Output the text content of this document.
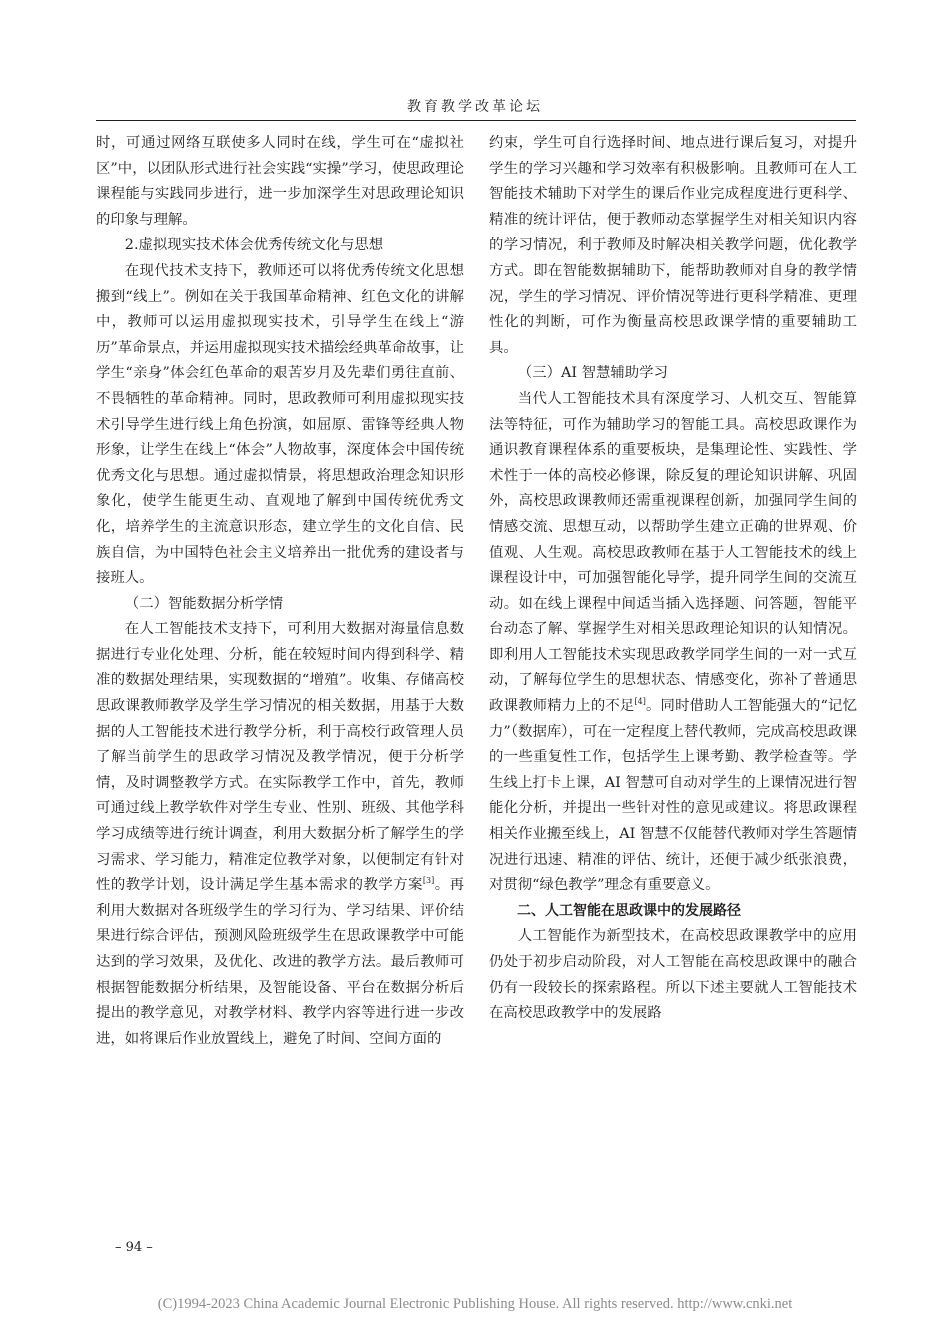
教育教学改革论坛

时，可通过网络互联使多人同时在线，学生可在“虚拟社区”中，以团队形式进行社会实践“实操”学习，使思政理论课程能与实践同步进行，进一步加深学生对思政理论知识的印象与理解。

2.虚拟现实技术体会优秀传统文化与思想

在现代技术支持下，教师还可以将优秀传统文化思想搬到“线上”。例如在关于我国革命精神、红色文化的讲解中，教师可以运用虚拟现实技术，引导学生在线上“游历”革命景点，并运用虚拟现实技术描绘经典革命故事，让学生“亲身”体会红色革命的艰苦岁月及先辈们勇往直前、不畏牺牲的革命精神。同时，思政教师可利用虚拟现实技术引导学生进行线上角色扮演，如屈原、雷锋等经典人物形象，让学生在线上“体会”人物故事，深度体会中国传统优秀文化与思想。通过虚拟情景，将思想政治理念知识形象化，使学生能更生动、直观地了解到中国传统优秀文化，培养学生的主流意识形态，建立学生的文化自信、民族自信，为中国特色社会主义培养出一批优秀的建设者与接班人。

（二）智能数据分析学情

在人工智能技术支持下，可利用大数据对海量信息数据进行专业化处理、分析，能在较短时间内得到科学、精准的数据处理结果，实现数据的“增殖”。收集、存储高校思政课教师教学及学生学习情况的相关数据，用基于大数据的人工智能技术进行教学分析，利于高校行政管理人员了解当前学生的思政学习情况及教学情况，便于分析学情，及时调整教学方式。在实际教学工作中，首先，教师可通过线上教学软件对学生专业、性别、班级、其他学科学习成绩等进行统计调查，利用大数据分析了解学生的学习需求、学习能力，精准定位教学对象，以便制定有针对性的教学计划，设计满足学生基本需求的教学方案[3]。再利用大数据对各班级学生的学习行为、学习结果、评价结果进行综合评估，预测风险班级学生在思政课教学中可能达到的学习效果，及优化、改进的教学方法。最后教师可根据智能数据分析结果，及智能设备、平台在数据分析后提出的教学意见，对教学材料、教学内容等进行进一步改进，如将课后作业放置线上，避免了时间、空间方面的

约束，学生可自行选择时间、地点进行课后复习，对提升学生的学习兴趣和学习效率有积极影响。且教师可在人工智能技术辅助下对学生的课后作业完成程度进行更科学、精准的统计评估，便于教师动态掌握学生对相关知识内容的学习情况，利于教师及时解决相关教学问题，优化教学方式。即在智能数据辅助下，能帮助教师对自身的教学情况，学生的学习情况、评价情况等进行更科学精准、更理性化的判断，可作为衡量高校思政课学情的重要辅助工具。

（三）AI 智慧辅助学习

当代人工智能技术具有深度学习、人机交互、智能算法等特征，可作为辅助学习的智能工具。高校思政课作为通识教育课程体系的重要板块，是集理论性、实践性、学术性于一体的高校必修课，除反复的理论知识讲解、巩固外，高校思政课教师还需重视课程创新，加强同学生间的情感交流、思想互动，以帮助学生建立正确的世界观、价值观、人生观。高校思政教师在基于人工智能技术的线上课程设计中，可加强智能化导学，提升同学生间的交流互动。如在线上课程中间适当插入选择题、问答题，智能平台动态了解、掌握学生对相关思政理论知识的认知情况。即利用人工智能技术实现思政教学同学生间的一对一式互动，了解每位学生的思想状态、情感变化，弥补了普通思政课教师精力上的不足[4]。同时借助人工智能强大的“记忆力”（数据库），可在一定程度上替代教师，完成高校思政课的一些重复性工作，包括学生上课考勤、教学检查等。学生线上打卡上课，AI 智慧可自动对学生的上课情况进行智能化分析，并提出一些针对性的意见或建议。将思政课程相关作业搬至线上，AI 智慧不仅能替代教师对学生答题情况进行迅速、精准的评估、统计，还便于减少纸张浪费，对贯彻“绿色教学”理念有重要意义。

二、人工智能在思政课中的发展路径

人工智能作为新型技术，在高校思政课教学中的应用仍处于初步启动阶段，对人工智能在高校思政课中的融合仍有一段较长的探索路程。所以下述主要就人工智能技术在高校思政教学中的发展路

– 94 –
(C)1994-2023 China Academic Journal Electronic Publishing House. All rights reserved. http://www.cnki.net
